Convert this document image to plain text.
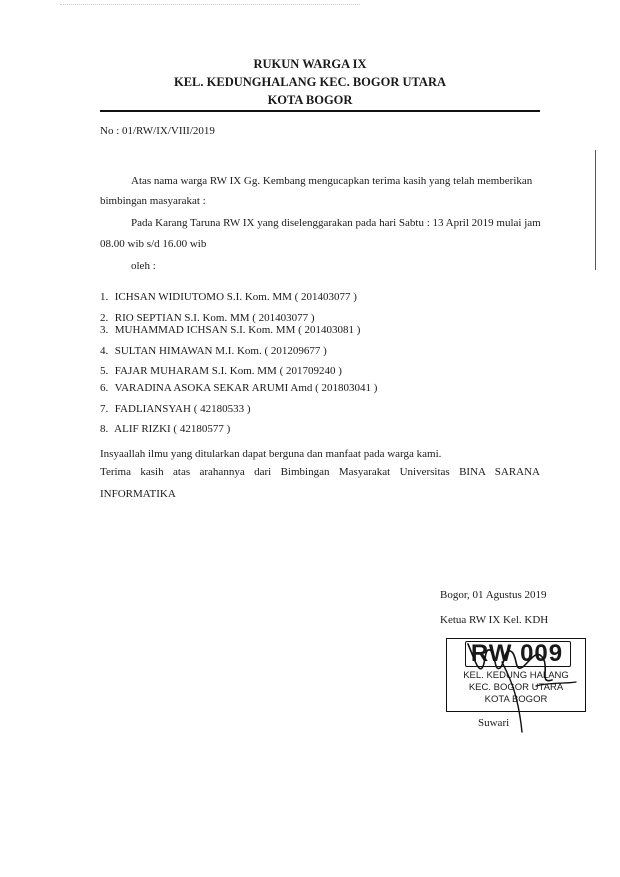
RUKUN WARGA IX
KEL. KEDUNGHALANG KEC. BOGOR UTARA
KOTA BOGOR
No : 01/RW/IX/VIII/2019
Atas nama warga RW IX Gg. Kembang mengucapkan terima kasih yang telah memberikan
bimbingan masyarakat :
Pada Karang Taruna RW IX yang diselenggarakan pada hari Sabtu : 13 April 2019 mulai jam
08.00 wib s/d 16.00 wib
oleh :
1. ICHSAN WIDIUTOMO S.I. Kom. MM ( 201403077 )
2. RIO SEPTIAN S.I. Kom. MM ( 201403077 )
3. MUHAMMAD ICHSAN S.I. Kom. MM ( 201403081 )
4. SULTAN HIMAWAN M.I. Kom. ( 201209677 )
5. FAJAR MUHARAM S.I. Kom. MM ( 201709240 )
6. VARADINA ASOKA SEKAR ARUMI Amd ( 201803041 )
7. FADLIANSYAH ( 42180533 )
8. ALIF RIZKI ( 42180577 )
Insyaallah ilmu yang ditularkan dapat berguna dan manfaat pada warga kami.
Terima kasih atas arahannya dari Bimbingan Masyarakat Universitas BINA SARANA
INFORMATIKA
Bogor, 01 Agustus 2019
Ketua RW IX Kel. KDH
RW 009
KEL. KEDUNG HALANG
KEC. BOGOR UTARA
KOTA BOGOR
Suwari
